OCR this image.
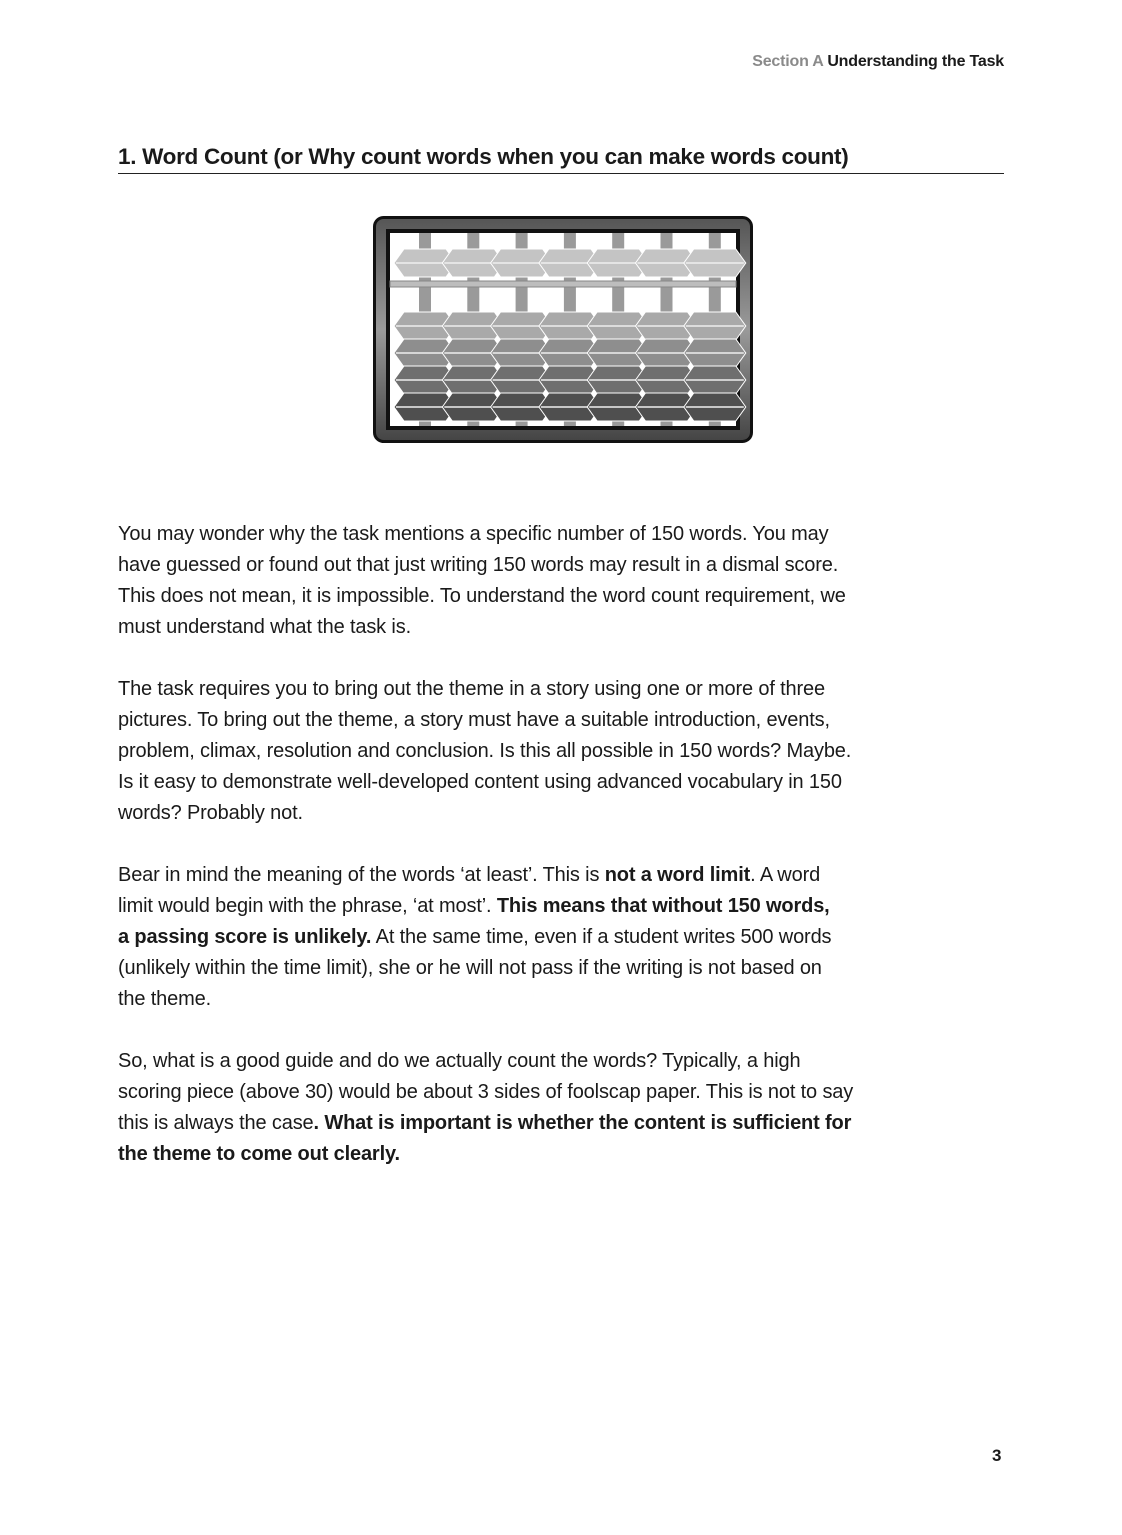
Section A Understanding the Task
1. Word Count (or Why count words when you can make words count)

You may wonder why the task mentions a specific number of 150 words. You may
have guessed or found out that just writing 150 words may result in a dismal score.
This does not mean, it is impossible. To understand the word count requirement, we
must understand what the task is.

The task requires you to bring out the theme in a story using one or more of three
pictures. To bring out the theme, a story must have a suitable introduction, events,
problem, climax, resolution and conclusion. Is this all possible in 150 words? Maybe.
Is it easy to demonstrate well-developed content using advanced vocabulary in 150
words? Probably not.

Bear in mind the meaning of the words ‘at least’. This is not a word limit. A word
limit would begin with the phrase, ‘at most’. This means that without 150 words,
a passing score is unlikely. At the same time, even if a student writes 500 words
(unlikely within the time limit), she or he will not pass if the writing is not based on
the theme.

So, what is a good guide and do we actually count the words? Typically, a high
scoring piece (above 30) would be about 3 sides of foolscap paper. This is not to say
this is always the case. What is important is whether the content is sufficient for
the theme to come out clearly.

3
